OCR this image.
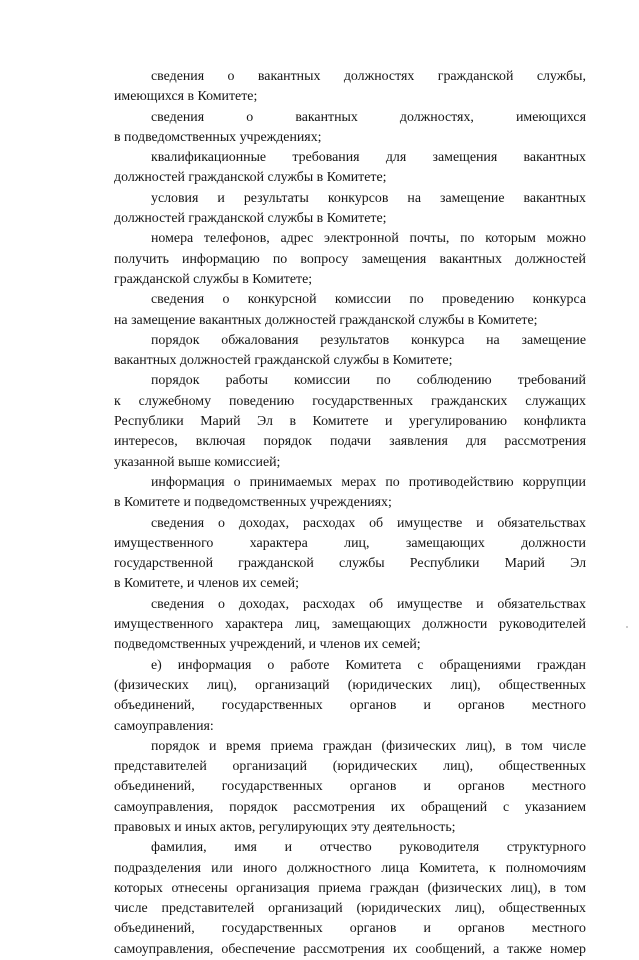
сведения о вакантных должностях гражданской службы,
имеющихся в Комитете;
сведения о вакантных должностях, имеющихся
в подведомственных учреждениях;
квалификационные требования для замещения вакантных
должностей гражданской службы в Комитете;
условия и результаты конкурсов на замещение вакантных
должностей гражданской службы в Комитете;
номера телефонов, адрес электронной почты, по которым можно
получить информацию по вопросу замещения вакантных должностей
гражданской службы в Комитете;
сведения о конкурсной комиссии по проведению конкурса
на замещение вакантных должностей гражданской службы в Комитете;
порядок обжалования результатов конкурса на замещение
вакантных должностей гражданской службы в Комитете;
порядок работы комиссии по соблюдению требований
к служебному поведению государственных гражданских служащих
Республики Марий Эл в Комитете и урегулированию конфликта
интересов, включая порядок подачи заявления для рассмотрения
указанной выше комиссией;
информация о принимаемых мерах по противодействию коррупции
в Комитете и подведомственных учреждениях;
сведения о доходах, расходах об имуществе и обязательствах
имущественного характера лиц, замещающих должности
государственной гражданской службы Республики Марий Эл
в Комитете, и членов их семей;
сведения о доходах, расходах об имуществе и обязательствах
имущественного характера лиц, замещающих должности руководителей
подведомственных учреждений, и членов их семей;
е) информация о работе Комитета с обращениями граждан
(физических лиц), организаций (юридических лиц), общественных
объединений, государственных органов и органов местного
самоуправления:
порядок и время приема граждан (физических лиц), в том числе
представителей организаций (юридических лиц), общественных
объединений, государственных органов и органов местного
самоуправления, порядок рассмотрения их обращений с указанием
правовых и иных актов, регулирующих эту деятельность;
фамилия, имя и отчество руководителя структурного
подразделения или иного должностного лица Комитета, к полномочиям
которых отнесены организация приема граждан (физических лиц), в том
числе представителей организаций (юридических лиц), общественных
объединений, государственных органов и органов местного
самоуправления, обеспечение рассмотрения их сообщений, а также номер
